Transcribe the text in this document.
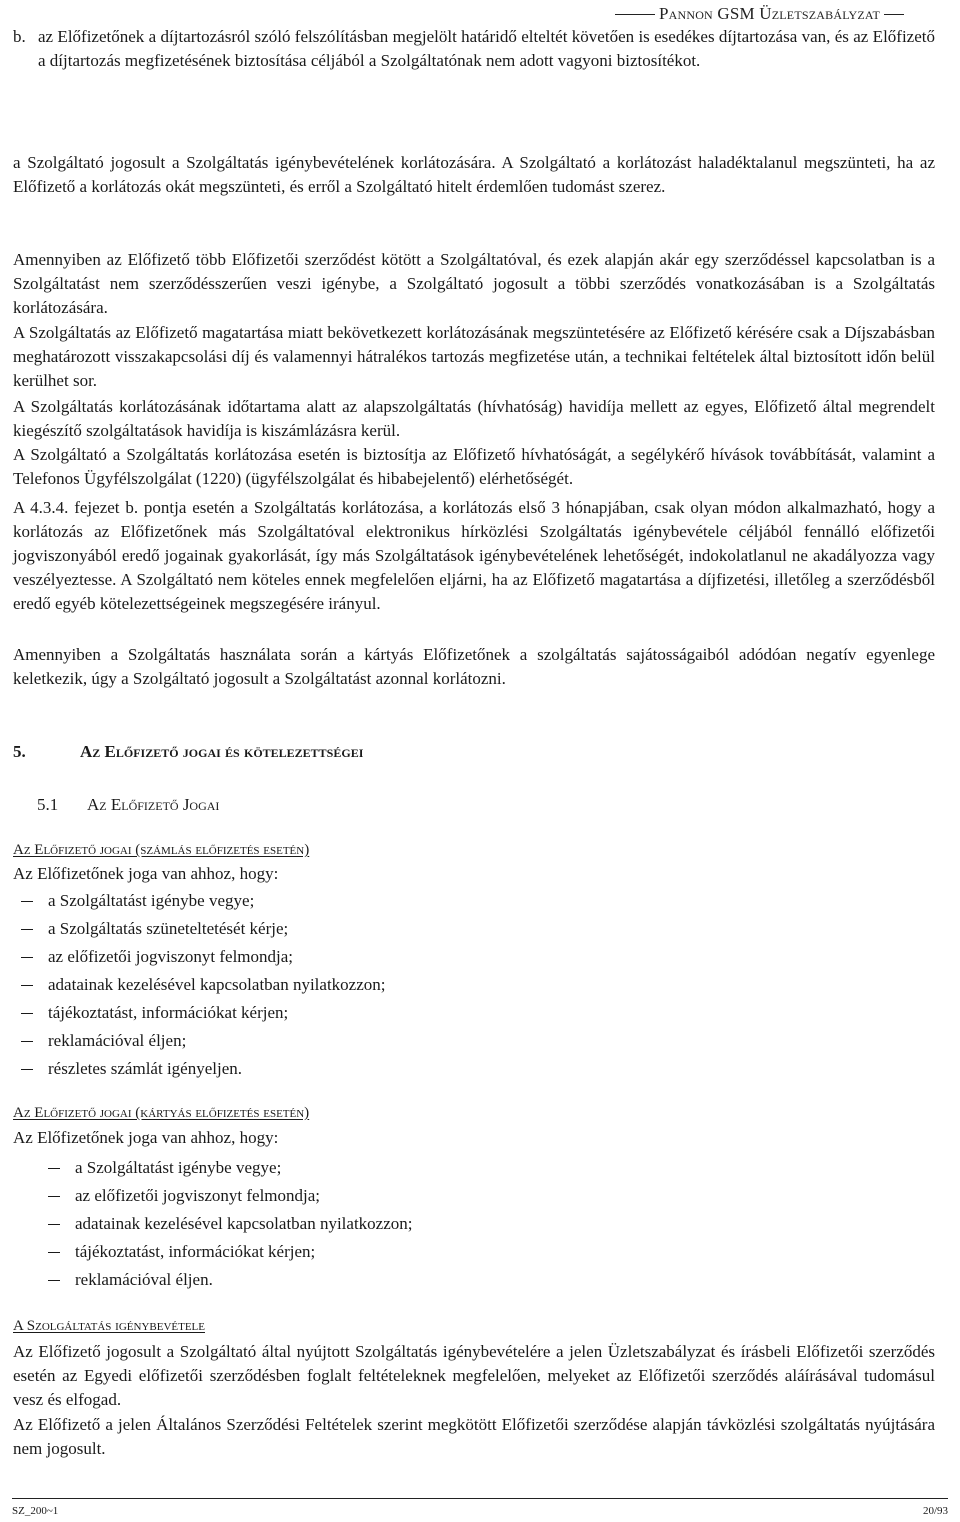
Pannon GSM Üzletszabályzat
b. az Előfizetőnek a díjtartozásról szóló felszólításban megjelölt határidő elteltét követően is esedékes díjtartozása van, és az Előfizető a díjtartozás megfizetésének biztosítása céljából a Szolgáltatónak nem adott vagyoni biztosítékot.

a Szolgáltató jogosult a Szolgáltatás igénybevételének korlátozására. A Szolgáltató a korlátozást haladéktalanul megszünteti, ha az Előfizető a korlátozás okát megszünteti, és erről a Szolgáltató hitelt érdemlően tudomást szerez.

Amennyiben az Előfizető több Előfizetői szerződést kötött a Szolgáltatóval, és ezek alapján akár egy szerződéssel kapcsolatban is a Szolgáltatást nem szerződésszerűen veszi igénybe, a Szolgáltató jogosult a többi szerződés vonatkozásában is a Szolgáltatás korlátozására.

A Szolgáltatás az Előfizető magatartása miatt bekövetkezett korlátozásának megszüntetésére az Előfizető kérésére csak a Díjszabásban meghatározott visszakapcsolási díj és valamennyi hátralékos tartozás megfizetése után, a technikai feltételek által biztosított időn belül kerülhet sor.

A Szolgáltatás korlátozásának időtartama alatt az alapszolgáltatás (hívhatóság) havidíja mellett az egyes, Előfizető által megrendelt kiegészítő szolgáltatások havidíja is kiszámlázásra kerül.

A Szolgáltató a Szolgáltatás korlátozása esetén is biztosítja az Előfizető hívhatóságát, a segélykérő hívások továbbítását, valamint a Telefonos Ügyfélszolgálat (1220) (ügyfélszolgálat és hibabejelentő) elérhetőségét.

A 4.3.4. fejezet b. pontja esetén a Szolgáltatás korlátozása, a korlátozás első 3 hónapjában, csak olyan módon alkalmazható, hogy a korlátozás az Előfizetőnek más Szolgáltatóval elektronikus hírközlési Szolgáltatás igénybevétele céljából fennálló előfizetői jogviszonyából eredő jogainak gyakorlását, így más Szolgáltatások igénybevételének lehetőségét, indokolatlanul ne akadályozza vagy veszélyeztesse. A Szolgáltató nem köteles ennek megfelelően eljárni, ha az Előfizető magatartása a díjfizetési, illetőleg a szerződésből eredő egyéb kötelezettségeinek megszegésére irányul.

Amennyiben a Szolgáltatás használata során a kártyás Előfizetőnek a szolgáltatás sajátosságaiból adódóan negatív egyenlege keletkezik, úgy a Szolgáltató jogosult a Szolgáltatást azonnal korlátozni.

5.	Az Előfizető jogai és kötelezettségei
5.1 Az Előfizető Jogai
Az Előfizető jogai (számlás előfizetés esetén)
Az Előfizetőnek joga van ahhoz, hogy:
a Szolgáltatást igénybe vegye;
a Szolgáltatás szüneteltetését kérje;
az előfizetői jogviszonyt felmondja;
adatainak kezelésével kapcsolatban nyilatkozzon;
tájékoztatást, információkat kérjen;
reklamációval éljen;
részletes számlát igényeljen.
Az Előfizető jogai (kártyás előfizetés esetén)
Az Előfizetőnek joga van ahhoz, hogy:
a Szolgáltatást igénybe vegye;
az előfizetői jogviszonyt felmondja;
adatainak kezelésével kapcsolatban nyilatkozzon;
tájékoztatást, információkat kérjen;
reklamációval éljen.
A Szolgáltatás igénybevétele

Az Előfizető jogosult a Szolgáltató által nyújtott Szolgáltatás igénybevételére a jelen Üzletszabályzat és írásbeli Előfizetői szerződés esetén az Egyedi előfizetői szerződésben foglalt feltételeknek megfelelően, melyeket az Előfizetői szerződés aláírásával tudomásul vesz és elfogad.

Az Előfizető a jelen Általános Szerződési Feltételek szerint megkötött Előfizetői szerződése alapján távközlési szolgáltatás nyújtására nem jogosult.

SZ_200~1	20/93
